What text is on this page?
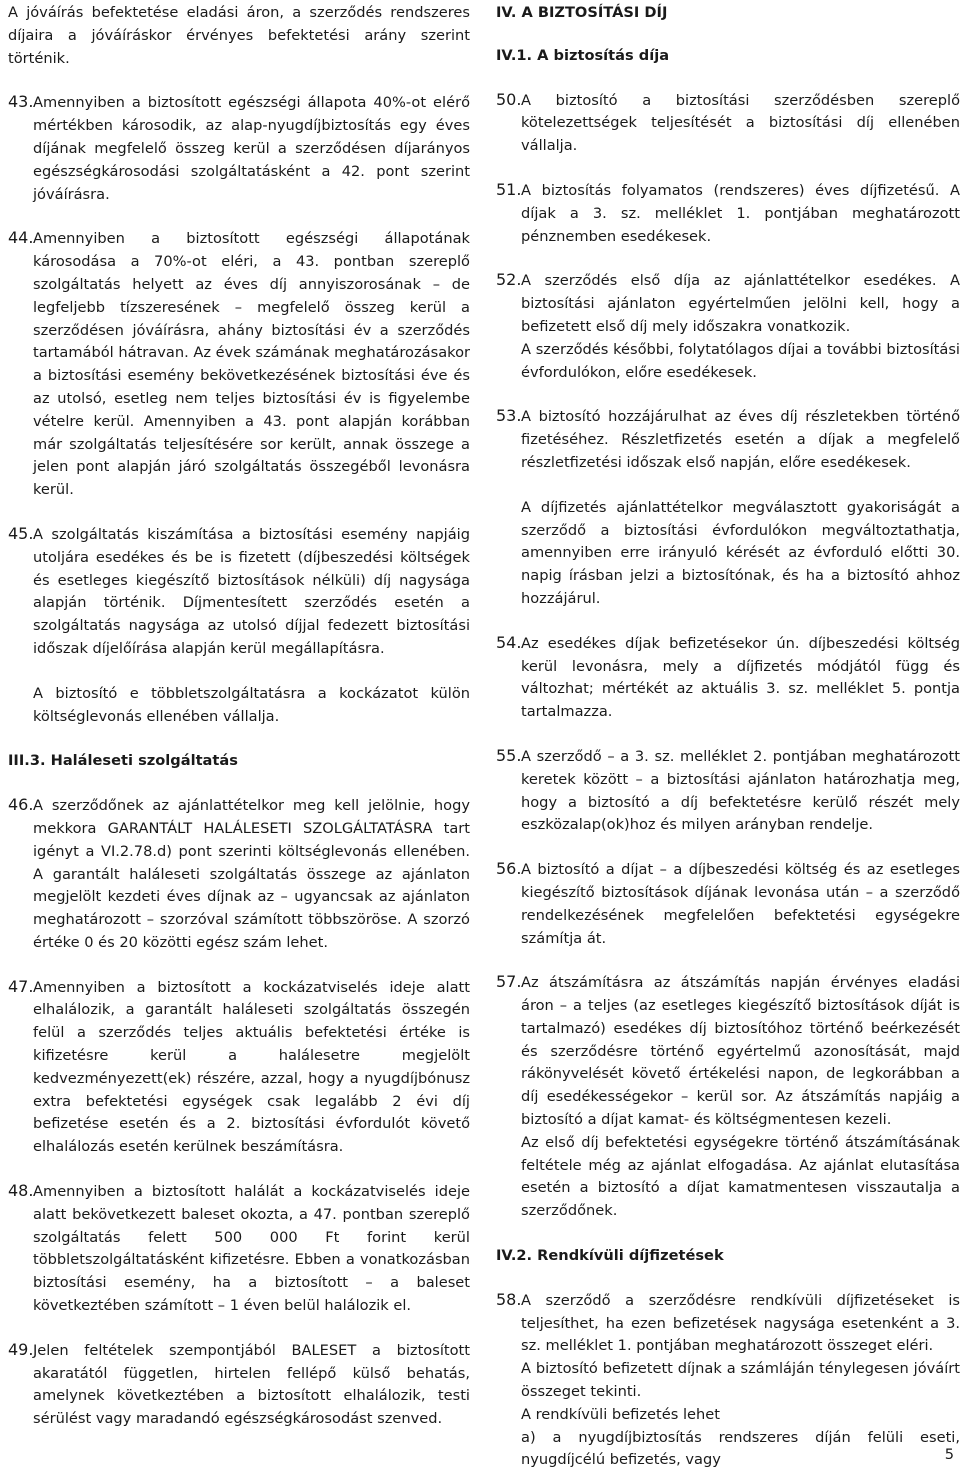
A jóváírás befektetése eladási áron, a szerződés rendszeres díjaira a jóváíráskor érvényes befektetési arány szerint történik.

43. Amennyiben a biztosított egészségi állapota 40%-ot elérő mértékben károsodik, az alap-nyugdíjbiztosítás egy éves díjának megfelelő összeg kerül a szerződésen díjarányos egészségkárosodási szolgáltatásként a 42. pont szerint jóváírásra.

44. Amennyiben a biztosított egészségi állapotának károsodása a 70%-ot eléri, a 43. pontban szereplő szolgáltatás helyett az éves díj annyiszorosának – de legfeljebb tízszeresének – megfelelő összeg kerül a szerződésen jóváírásra, ahány biztosítási év a szerződés tartamából hátravan. Az évek számának meghatározásakor a biztosítási esemény bekövetkezésének biztosítási éve és az utolsó, esetleg nem teljes biztosítási év is figyelembe vételre kerül. Amennyiben a 43. pont alapján korábban már szolgáltatás teljesítésére sor került, annak összege a jelen pont alapján járó szolgáltatás összegéből levonásra kerül.

45. A szolgáltatás kiszámítása a biztosítási esemény napjáig utoljára esedékes és be is fizetett (díjbeszedési költségek és esetleges kiegészítő biztosítások nélküli) díj nagysága alapján történik. Díjmentesített szerződés esetén a szolgáltatás nagysága az utolsó díjjal fedezett biztosítási időszak díjelőírása alapján kerül megállapításra.

A biztosító e többletszolgáltatásra a kockázatot külön költséglevonás ellenében vállalja.

III.3. Haláleseti szolgáltatás
46. A szerződőnek az ajánlattételkor meg kell jelölnie, hogy mekkora GARANTÁLT HALÁLESETI SZOLGÁLTATÁSRA tart igényt a VI.2.78.d) pont szerinti költséglevonás ellenében. A garantált haláleseti szolgáltatás összege az ajánlaton megjelölt kezdeti éves díjnak az – ugyancsak az ajánlaton meghatározott – szorzóval számított többszöröse. A szorzó értéke 0 és 20 közötti egész szám lehet.

47. Amennyiben a biztosított a kockázatviselés ideje alatt elhalálozik, a garantált haláleseti szolgáltatás összegén felül a szerződés teljes aktuális befektetési értéke is kifizetésre kerül a halálesetre megjelölt kedvezményezett(ek) részére, azzal, hogy a nyugdíjbónusz extra befektetési egységek csak legalább 2 évi díj befizetése esetén és a 2. biztosítási évfordulót követő elhalálozás esetén kerülnek beszámításra.

48. Amennyiben a biztosított halálát a kockázatviselés ideje alatt bekövetkezett baleset okozta, a 47. pontban szereplő szolgáltatás felett 500 000 Ft forint kerül többletszolgáltatásként kifizetésre. Ebben a vonatkozásban biztosítási esemény, ha a biztosított – a baleset következtében számított – 1 éven belül halálozik el.

49. Jelen feltételek szempontjából BALESET a biztosított akaratától független, hirtelen fellépő külső behatás, amelynek következtében a biztosított elhalálozik, testi sérülést vagy maradandó egészségkárosodást szenved.

IV. A BIZTOSÍTÁSI DÍJ
IV.1. A biztosítás díja
50. A biztosító a biztosítási szerződésben szereplő kötelezettségek teljesítését a biztosítási díj ellenében vállalja.

51. A biztosítás folyamatos (rendszeres) éves díjfizetésű. A díjak a 3. sz. melléklet 1. pontjában meghatározott pénznemben esedékesek.

52. A szerződés első díja az ajánlattételkor esedékes. A biztosítási ajánlaton egyértelműen jelölni kell, hogy a befizetett első díj mely időszakra vonatkozik.

A szerződés későbbi, folytatólagos díjai a további biztosítási évfordulókon, előre esedékesek.

53. A biztosító hozzájárulhat az éves díj részletekben történő fizetéséhez. Részletfizetés esetén a díjak a megfelelő részletfizetési időszak első napján, előre esedékesek.

A díjfizetés ajánlattételkor megválasztott gyakoriságát a szerződő a biztosítási évfordulókon megváltoztathatja, amennyiben erre irányuló kérését az évforduló előtti 30. napig írásban jelzi a biztosítónak, és ha a biztosító ahhoz hozzájárul.

54. Az esedékes díjak befizetésekor ún. díjbeszedési költség kerül levonásra, mely a díjfizetés módjától függ és változhat; mértékét az aktuális 3. sz. melléklet 5. pontja tartalmazza.

55. A szerződő – a 3. sz. melléklet 2. pontjában meghatározott keretek között – a biztosítási ajánlaton határozhatja meg, hogy a biztosító a díj befektetésre kerülő részét mely eszközalap(ok)hoz és milyen arányban rendelje.

56. A biztosító a díjat – a díjbeszedési költség és az esetleges kiegészítő biztosítások díjának levonása után – a szerződő rendelkezésének megfelelően befektetési egységekre számítja át.

57. Az átszámításra az átszámítás napján érvényes eladási áron – a teljes (az esetleges kiegészítő biztosítások díját is tartalmazó) esedékes díj biztosítóhoz történő beérkezését és szerződésre történő egyértelmű azonosítását, majd rákönyvelését követő értékelési napon, de legkorábban a díj esedékességekor – kerül sor. Az átszámítás napjáig a biztosító a díjat kamat- és költségmentesen kezeli.

Az első díj befektetési egységekre történő átszámításának feltétele még az ajánlat elfogadása. Az ajánlat elutasítása esetén a biztosító a díjat kamatmentesen visszautalja a szerződőnek.

IV.2. Rendkívüli díjfizetések
58. A szerződő a szerződésre rendkívüli díjfizetéseket is teljesíthet, ha ezen befizetések nagysága esetenként a 3. sz. melléklet 1. pontjában meghatározott összeget eléri.

A biztosító befizetett díjnak a számláján ténylegesen jóváírt összeget tekinti.

A rendkívüli befizetés lehet

a) a nyugdíjbiztosítás rendszeres díján felüli eseti, nyugdíjcélú befizetés, vagy	5
